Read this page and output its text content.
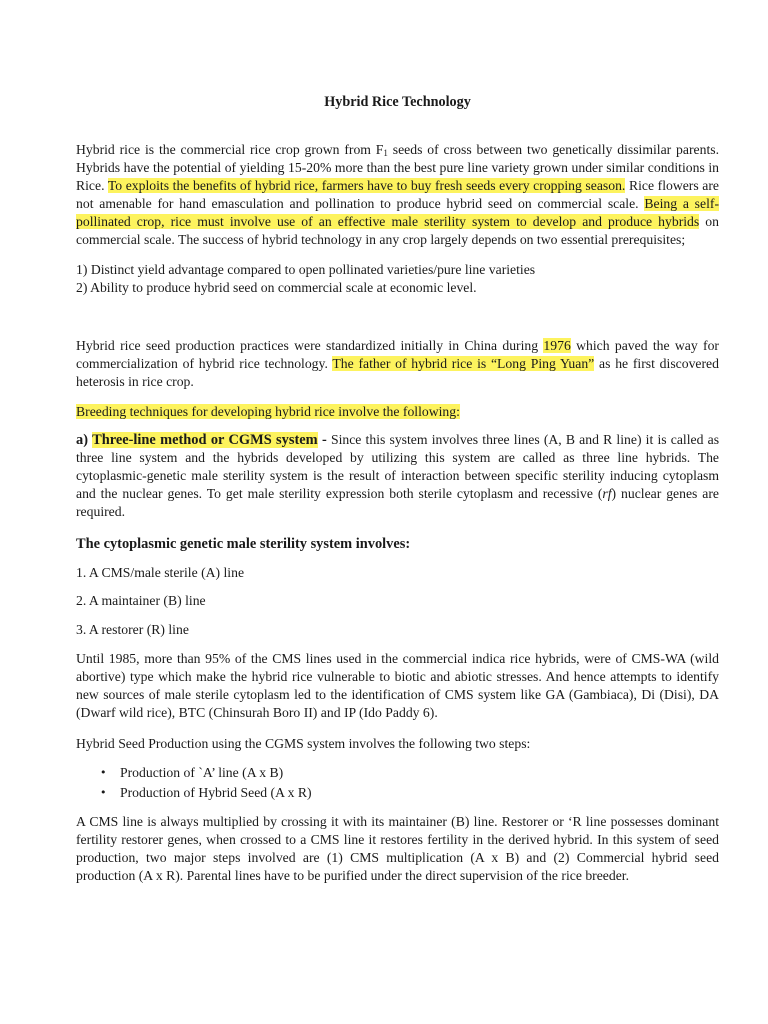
Hybrid Rice Technology

Hybrid rice is the commercial rice crop grown from $F_1$ seeds of cross between two genetically dissimilar parents. Hybrids have the potential of yielding 15-20% more than the best pure line variety grown under similar conditions in Rice. To exploits the benefits of hybrid rice, farmers have to buy fresh seeds every cropping season. Rice flowers are not amenable for hand emasculation and pollination to produce hybrid seed on commercial scale. Being a self-pollinated crop, rice must involve use of an effective male sterility system to develop and produce hybrids on commercial scale. The success of hybrid technology in any crop largely depends on two essential prerequisites;

1) Distinct yield advantage compared to open pollinated varieties/pure line varieties

2) Ability to produce hybrid seed on commercial scale at economic level.

Hybrid rice seed production practices were standardized initially in China during 1976 which paved the way for commercialization of hybrid rice technology. The father of hybrid rice is “Long Ping Yuan” as he first discovered heterosis in rice crop.

Breeding techniques for developing hybrid rice involve the following:

a) Three-line method or CGMS system - Since this system involves three lines (A, B and R line) it is called as three line system and the hybrids developed by utilizing this system are called as three line hybrids. The cytoplasmic-genetic male sterility system is the result of interaction between specific sterility inducing cytoplasm and the nuclear genes. To get male sterility expression both sterile cytoplasm and recessive (rf) nuclear genes are required.

The cytoplasmic genetic male sterility system involves:

1. A CMS/male sterile (A) line

2. A maintainer (B) line

3. A restorer (R) line

Until 1985, more than 95% of the CMS lines used in the commercial indica rice hybrids, were of CMS-WA (wild abortive) type which make the hybrid rice vulnerable to biotic and abiotic stresses. And hence attempts to identify new sources of male sterile cytoplasm led to the identification of CMS system like GA (Gambiaca), Di (Disi), DA (Dwarf wild rice), BTC (Chinsurah Boro II) and IP (Ido Paddy 6).

Hybrid Seed Production using the CGMS system involves the following two steps:

• Production of `A’ line (A x B)
• Production of Hybrid Seed (A x R)

A CMS line is always multiplied by crossing it with its maintainer (B) line. Restorer or ‘R line possesses dominant fertility restorer genes, when crossed to a CMS line it restores fertility in the derived hybrid. In this system of seed production, two major steps involved are (1) CMS multiplication (A x B) and (2) Commercial hybrid seed production (A x R). Parental lines have to be purified under the direct supervision of the rice breeder.
